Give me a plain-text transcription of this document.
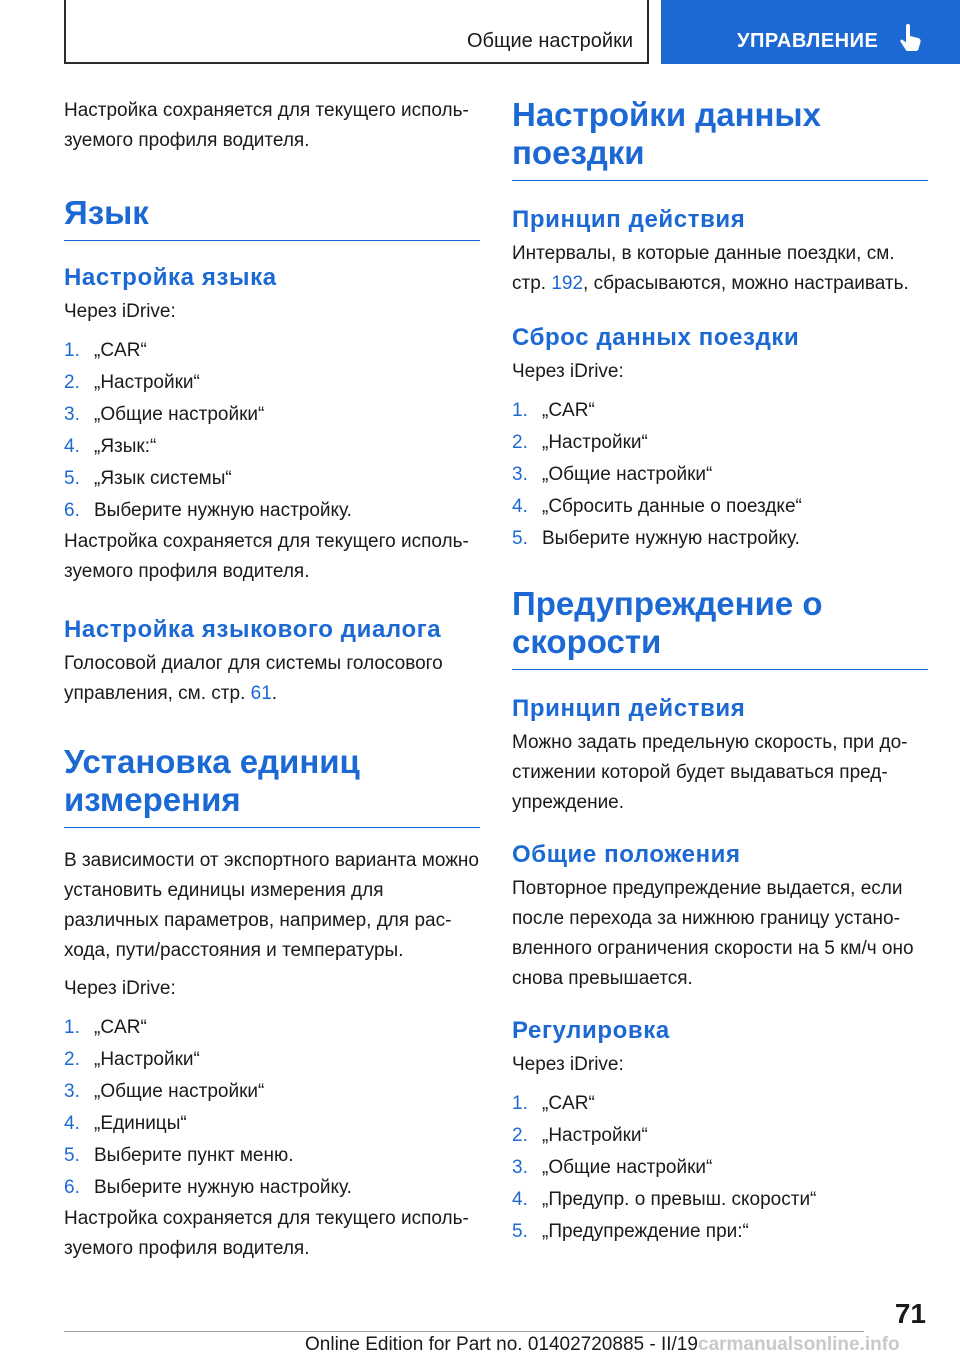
Общие настройки	УПРАВЛЕНИЕ

Настройка сохраняется для текущего исполь-зуемого профиля водителя.

Язык
Настройка языка

Через iDrive:

1. „CAR“
2. „Настройки“
3. „Общие настройки“
4. „Язык:“
5. „Язык системы“
6. Выберите нужную настройку.

Настройка сохраняется для текущего исполь-зуемого профиля водителя.

Настройка языкового диалога

Голосовой диалог для системы голосового управления, см. стр. 61.

Установка единиц измерения

В зависимости от экспортного варианта можно установить единицы измерения для различных параметров, например, для рас-хода, пути/расстояния и температуры.

Через iDrive:

1. „CAR“
2. „Настройки“
3. „Общие настройки“
4. „Единицы“
5. Выберите пункт меню.
6. Выберите нужную настройку.

Настройка сохраняется для текущего исполь-зуемого профиля водителя.

Настройки данных поездки
Принцип действия

Интервалы, в которые данные поездки, см. стр. 192, сбрасываются, можно настраивать.

Сброс данных поездки

Через iDrive:

1. „CAR“
2. „Настройки“
3. „Общие настройки“
4. „Сбросить данные о поездке“
5. Выберите нужную настройку.
Предупреждение о скорости
Принцип действия

Можно задать предельную скорость, при до-стижении которой будет выдаваться пред-упреждение.

Общие положения

Повторное предупреждение выдается, если после перехода за нижнюю границу устано-вленного ограничения скорости на 5 км/ч оно снова превышается.

Регулировка

Через iDrive:

1. „CAR“
2. „Настройки“
3. „Общие настройки“
4. „Предупр. о превыш. скорости“
5. „Предупреждение при:“
71
Online Edition for Part no. 01402720885 - II/19 carmanualsonline.info
